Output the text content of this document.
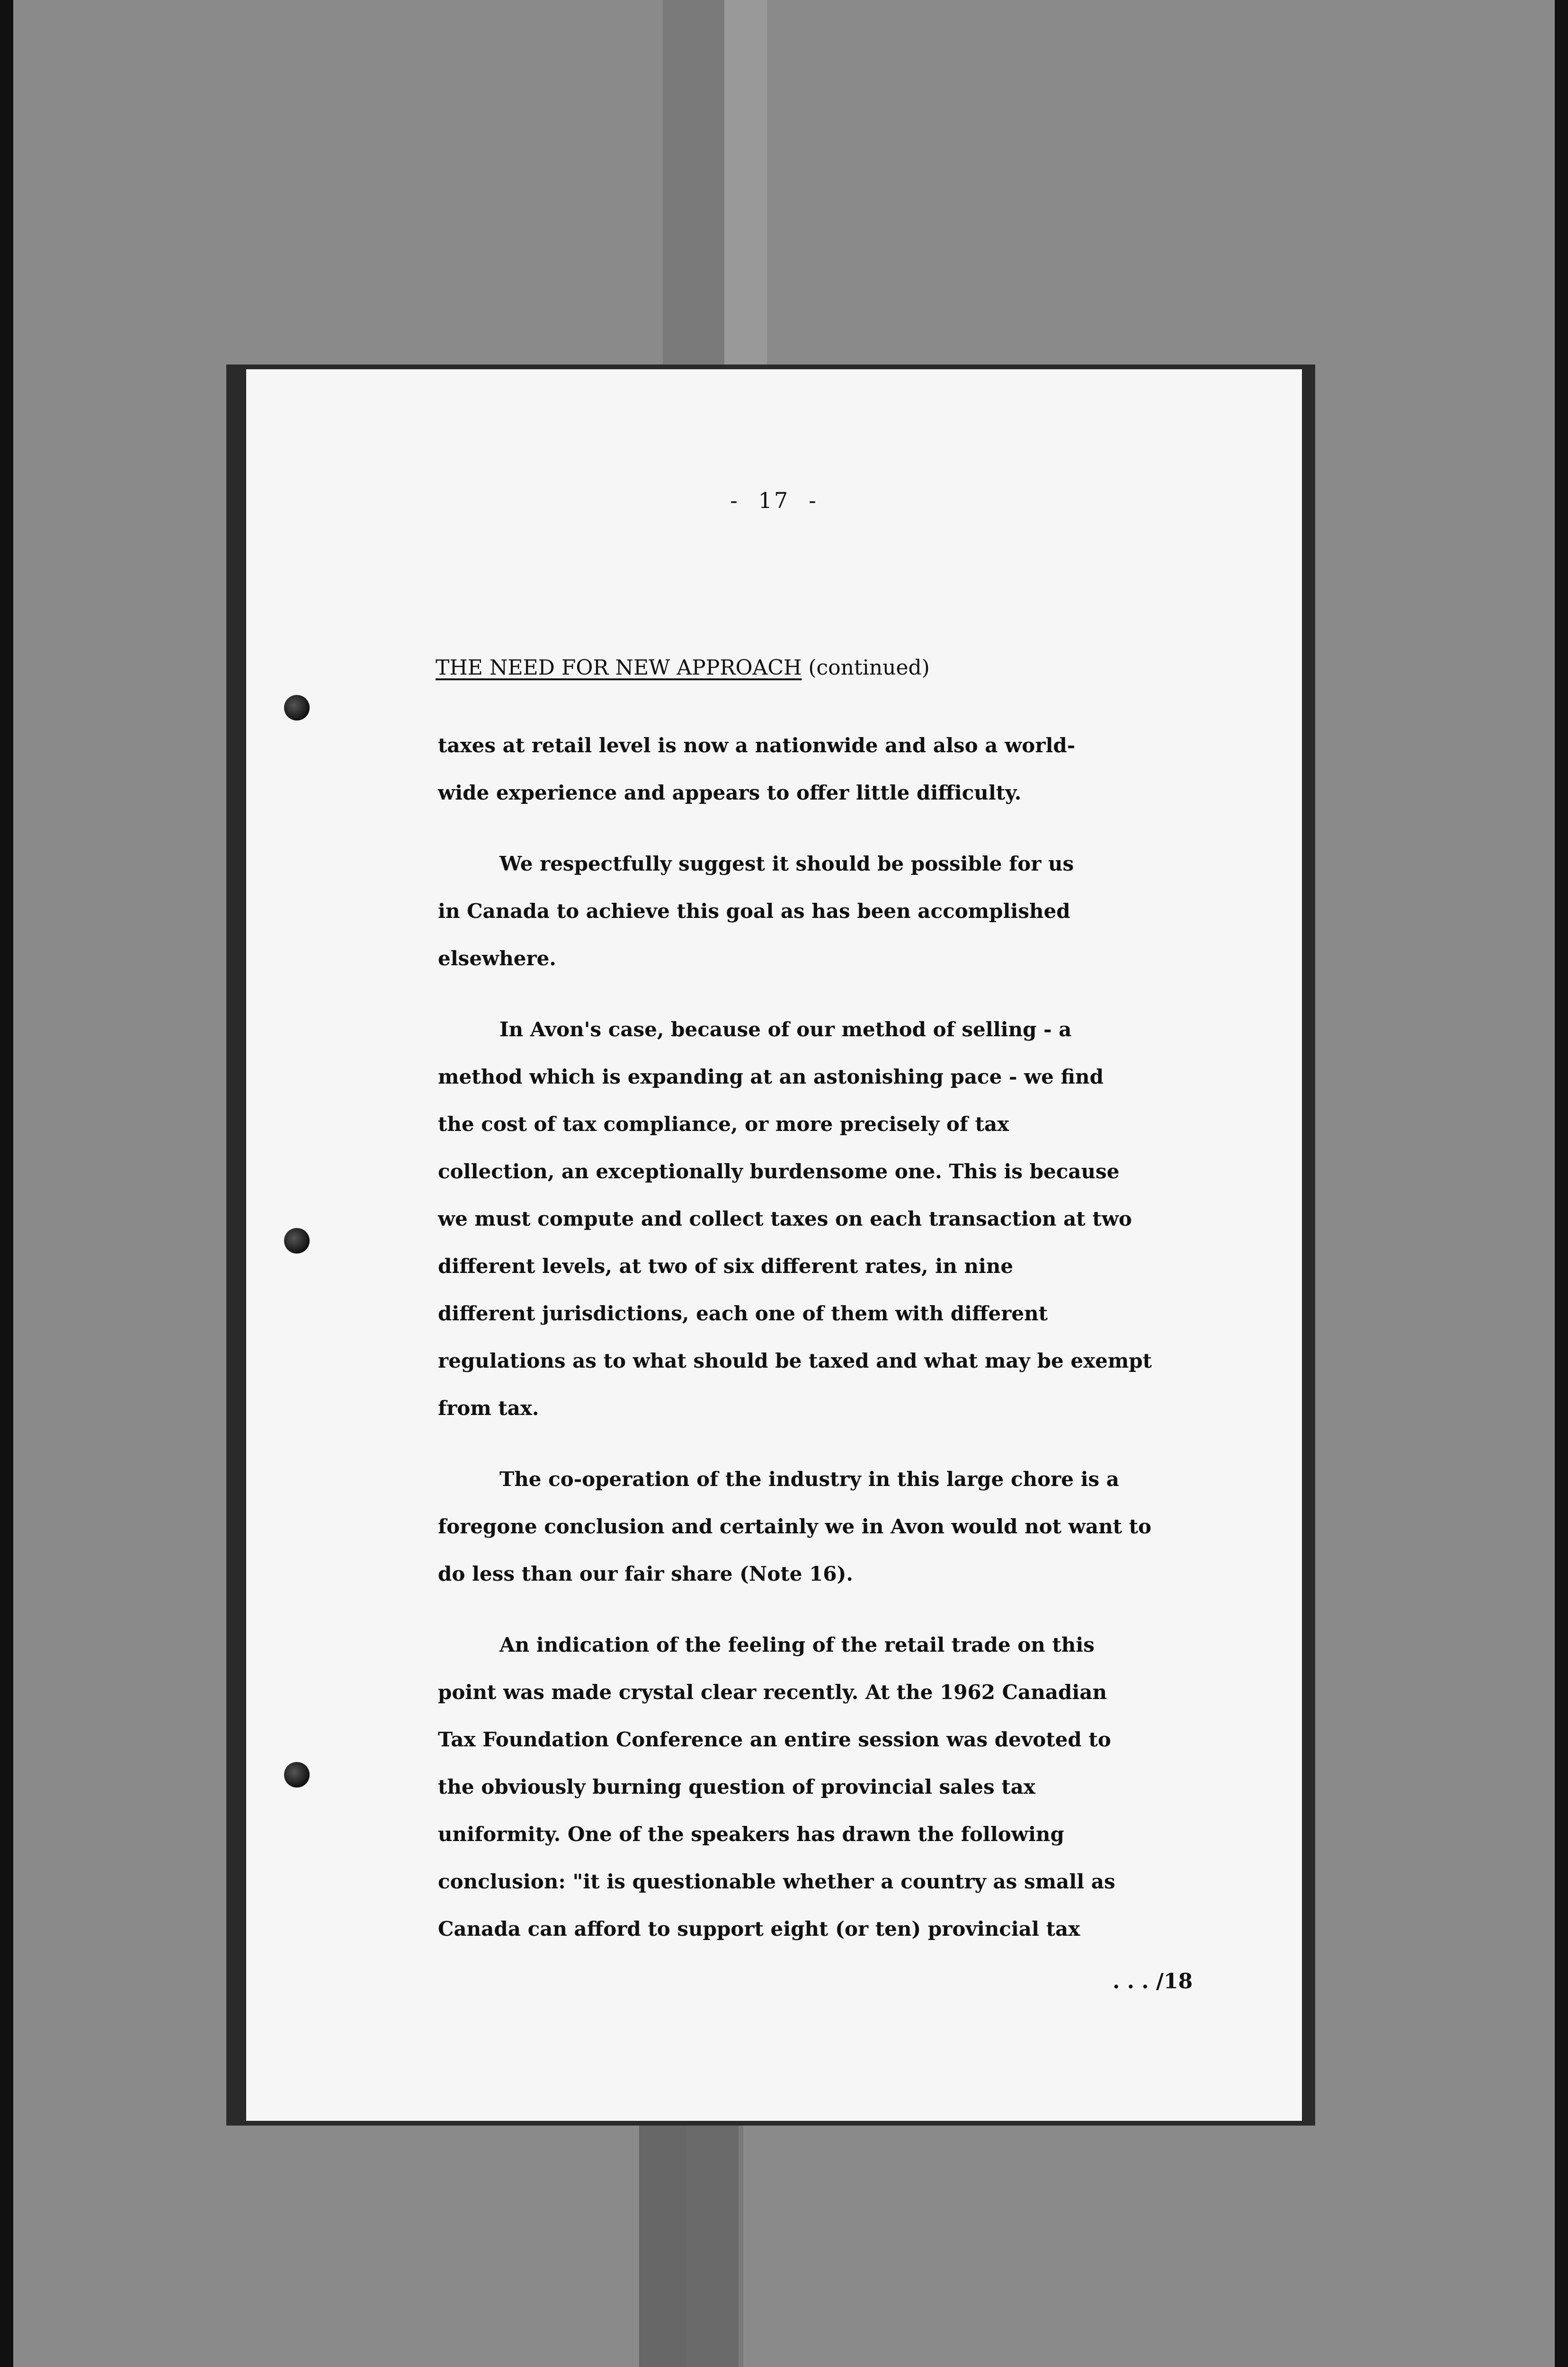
- 17 -
THE NEED FOR NEW APPROACH (continued)

taxes at retail level is now a nationwide and also a world-
wide experience and appears to offer little difficulty.

We respectfully suggest it should be possible for us
in Canada to achieve this goal as has been accomplished
elsewhere.

In Avon's case, because of our method of selling - a
method which is expanding at an astonishing pace - we find
the cost of tax compliance, or more precisely of tax
collection, an exceptionally burdensome one. This is because
we must compute and collect taxes on each transaction at two
different levels, at two of six different rates, in nine
different jurisdictions, each one of them with different
regulations as to what should be taxed and what may be exempt
from tax.

The co-operation of the industry in this large chore is a
foregone conclusion and certainly we in Avon would not want to
do less than our fair share (Note 16).

An indication of the feeling of the retail trade on this
point was made crystal clear recently. At the 1962 Canadian
Tax Foundation Conference an entire session was devoted to
the obviously burning question of provincial sales tax
uniformity. One of the speakers has drawn the following
conclusion: "it is questionable whether a country as small as
Canada can afford to support eight (or ten) provincial tax

. . . /18
